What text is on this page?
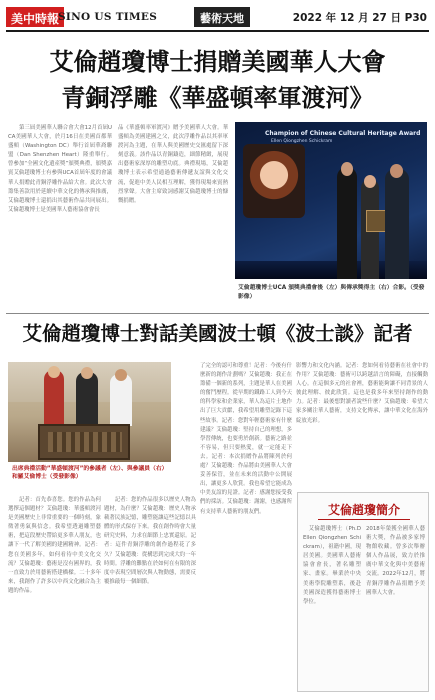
美中時報
SINO US TIMES	藝術天地	2022 年 12 月 27 日 P30
艾倫趙瓊博士捐贈美國華人大會
青銅浮雕《華盛頓率軍渡河》

　　第三屆美國華人聯合會大會12月首屆UCA美國華人大會，於月16日在美國首都華盛頓（Washington DC）舉行首屆華裔聯盟（Dan Shenzhen Heart）隆重舉行。曾參加“全國文化遺產獎”頒獎典禮，頒獎嘉賓艾倫趙瓊博士有參與UCA首屆年度的會議華人捐贈此青銅浮雕作品給大會。此次大會籌集善款用於延續中華文化的傳承與推廣，艾倫趙瓊博士還捐出其藝術作品共同展出。艾倫趙瓊博士是美國華人藝術協會會長

品《華盛頓率軍渡河》贈予美國華人大會。華盛頓為美國建國之父，此次浮雕作品以其率軍渡河為主題，在華人與美國歷史交匯處留下深刻意義。該作品以青銅鑄造，細節精緻，展現出藝術家深厚的雕塑功底。典禮現場，艾倫趙瓊博士表示希望通過藝術傳遞友誼與文化交流，促進中美人民相互理解，獲得現場來賓熱烈掌聲。大會主席致詞感謝艾倫趙瓊博士的慷慨捐贈。

Champion of Chinese Cultural Heritage Award
Ellen Qiongzhen Schickram
艾倫趙瓊博士UCA 頒獎典禮會後（左）與傳承獎得主（右）合影。（受發影像）
艾倫趙瓊博士對話美國波士頓《波士談》記者
出席典禮活動”華盛頓渡河”的參議者（左）、與參議員（右）和羅艾倫博士（受發影像）

　　記者：首先恭喜您。您的作品為何選擇這個題材？艾倫趙瓊：華盛頓渡河是美國歷史上非常重要的一個時刻，象徵著勇氣與信念。我希望透過雕塑藝術，把這段歷史帶給更多華人朋友，也讓下一代了解美國的建國精神。記者：您在美國多年，如何看待中美文化交流？艾倫趙瓊：藝術是沒有國界的，我一直致力於用藝術搭建橋樑。二十多年來，我創作了許多以中西文化融合為主題的作品。

　　記者：您的作品很多以歷史人物為題材，為什麼？艾倫趙瓊：歷史人物承載著民族記憶，雕塑能讓這些記憶以具體的形式保存下來。我在創作時會大量研究史料，力求在細節上忠實還原。記者：這件青銅浮雕的創作過程花了多久？艾倫趙瓊：從構思到完成大約一年時間。浮雕的難點在於如何在有限的深度中表現空間層次與人物動態，需要反覆推敲每一個細節。

了完全的認可和尊重！記者：今後有什麼新的創作計劃嗎？艾倫趙瓊：我正在籌備一個新的系列，主題是華人在美國的奮鬥歷程。從早期的鐵路工人到今天的科學家和企業家，華人為這片土地作出了巨大貢獻，我希望用雕塑記錄下這些故事。記者：您對年輕藝術家有什麼建議？艾倫趙瓊：堅持自己的理想，多學習傳統，也要勇於創新。藝術之路並不容易，但只要熱愛，就一定能走下去。記者：本次捐贈作品將陳列於何處？艾倫趙瓊：作品將由美國華人大會妥善保管，並在未來的活動中公開展出，讓更多人欣賞。我也希望它能成為中美友誼的見證。記者：感謝您接受我們的採訪。艾倫趙瓊：謝謝，也感謝所有支持華人藝術的朋友們。

影響力和文化內涵。記者：您如何看待藝術在社會中的作用？艾倫趙瓊：藝術可以跨越語言的障礙，直接觸動人心。在這個多元的社會裡，藝術能夠讓不同背景的人彼此理解、彼此欣賞。這也是我多年來堅持創作的動力。記者：最後想對讀者說些什麼？艾倫趙瓊：希望大家多關注華人藝術，支持文化傳承，讓中華文化在海外綻放光彩。

艾倫趙瓊簡介

　艾倫趙瓊博士（Ph.D Ellen Qiongzhen Schickram），祖籍中國，現居美國。美國華人藝術協會會長，著名雕塑家、畫家。畢業於中央美術學院雕塑系，後赴美國深造獲得藝術博士學位。

2018年榮獲全國華人藝術大獎，作品被多家博物館收藏。曾多次舉辦個人作品展，致力於推廣中華文化與中美藝術交流。2022年12月，將青銅浮雕作品捐贈予美國華人大會。
